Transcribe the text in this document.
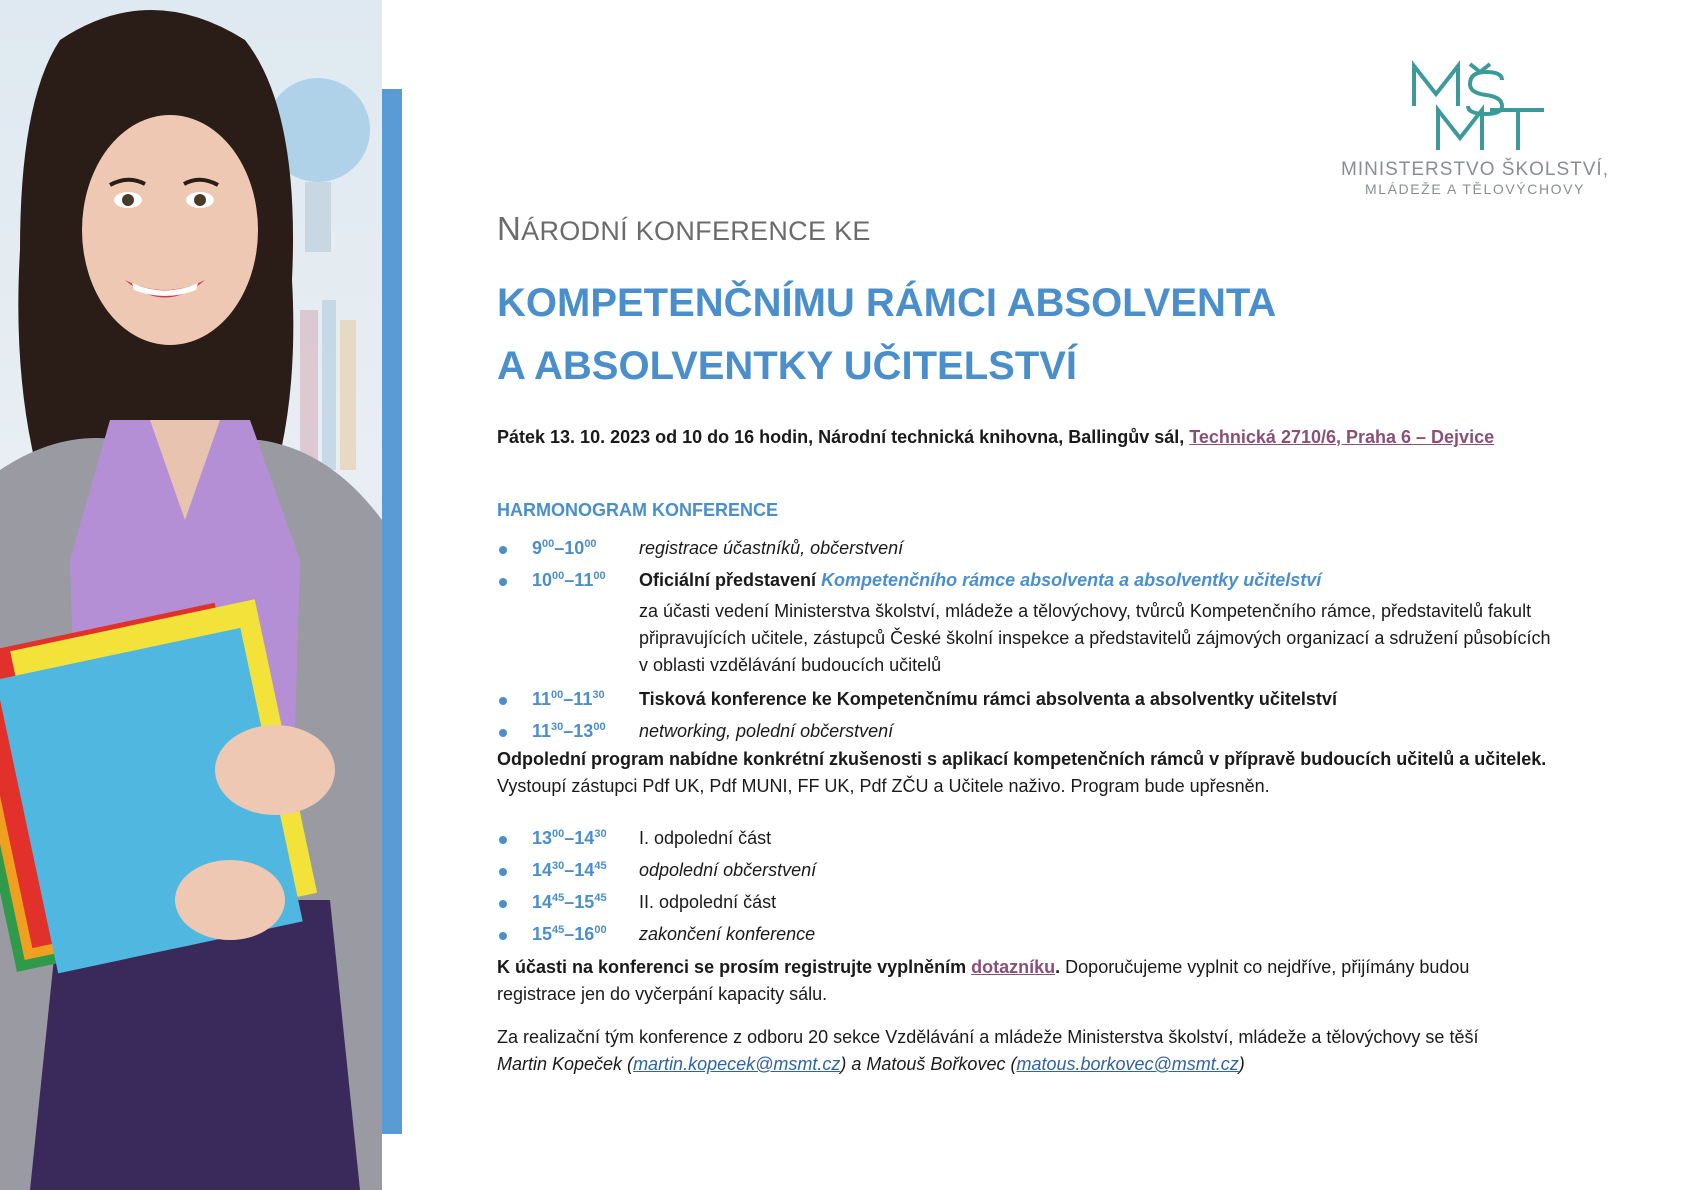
MINISTERSTVO ŠKOLSTVÍ,
MLÁDEŽE A TĚLOVÝCHOVY
NÁRODNÍ KONFERENCE KE
KOMPETENČNÍMU RÁMCI ABSOLVENTA
A ABSOLVENTKY UČITELSTVÍ
Pátek 13. 10. 2023 od 10 do 16 hodin, Národní technická knihovna, Ballingův sál, Technická 2710/6, Praha 6 – Dejvice
HARMONOGRAM KONFERENCE
$9^{00}-10^{00}$	registrace účastníků, občerstvení
$10^{00}-11^{00}$	Oficiální představení Kompetenčního rámce absolventa a absolventky učitelství
za účasti vedení Ministerstva školství, mládeže a tělovýchovy, tvůrců Kompetenčního rámce, představitelů fakult
připravujících učitele, zástupců České školní inspekce a představitelů zájmových organizací a sdružení působících
v oblasti vzdělávání budoucích učitelů
$11^{00}-11^{30}$	Tisková konference ke Kompetenčnímu rámci absolventa a absolventky učitelství
$11^{30}-13^{00}$	networking, polední občerstvení
Odpolední program nabídne konkrétní zkušenosti s aplikací kompetenčních rámců v přípravě budoucích učitelů a učitelek.
Vystoupí zástupci Pdf UK, Pdf MUNI, FF UK, Pdf ZČU a Učitele naživo. Program bude upřesněn.
$13^{00}-14^{30}$	I. odpolední část
$14^{30}-14^{45}$	odpolední občerstvení
$14^{45}-15^{45}$	II. odpolední část
$15^{45}-16^{00}$	zakončení konference
K účasti na konferenci se prosím registrujte vyplněním dotazníku. Doporučujeme vyplnit co nejdříve, přijímány budou
registrace jen do vyčerpání kapacity sálu.
Za realizační tým konference z odboru 20 sekce Vzdělávání a mládeže Ministerstva školství, mládeže a tělovýchovy se těší
Martin Kopeček (martin.kopecek@msmt.cz) a Matouš Bořkovec (matous.borkovec@msmt.cz)
